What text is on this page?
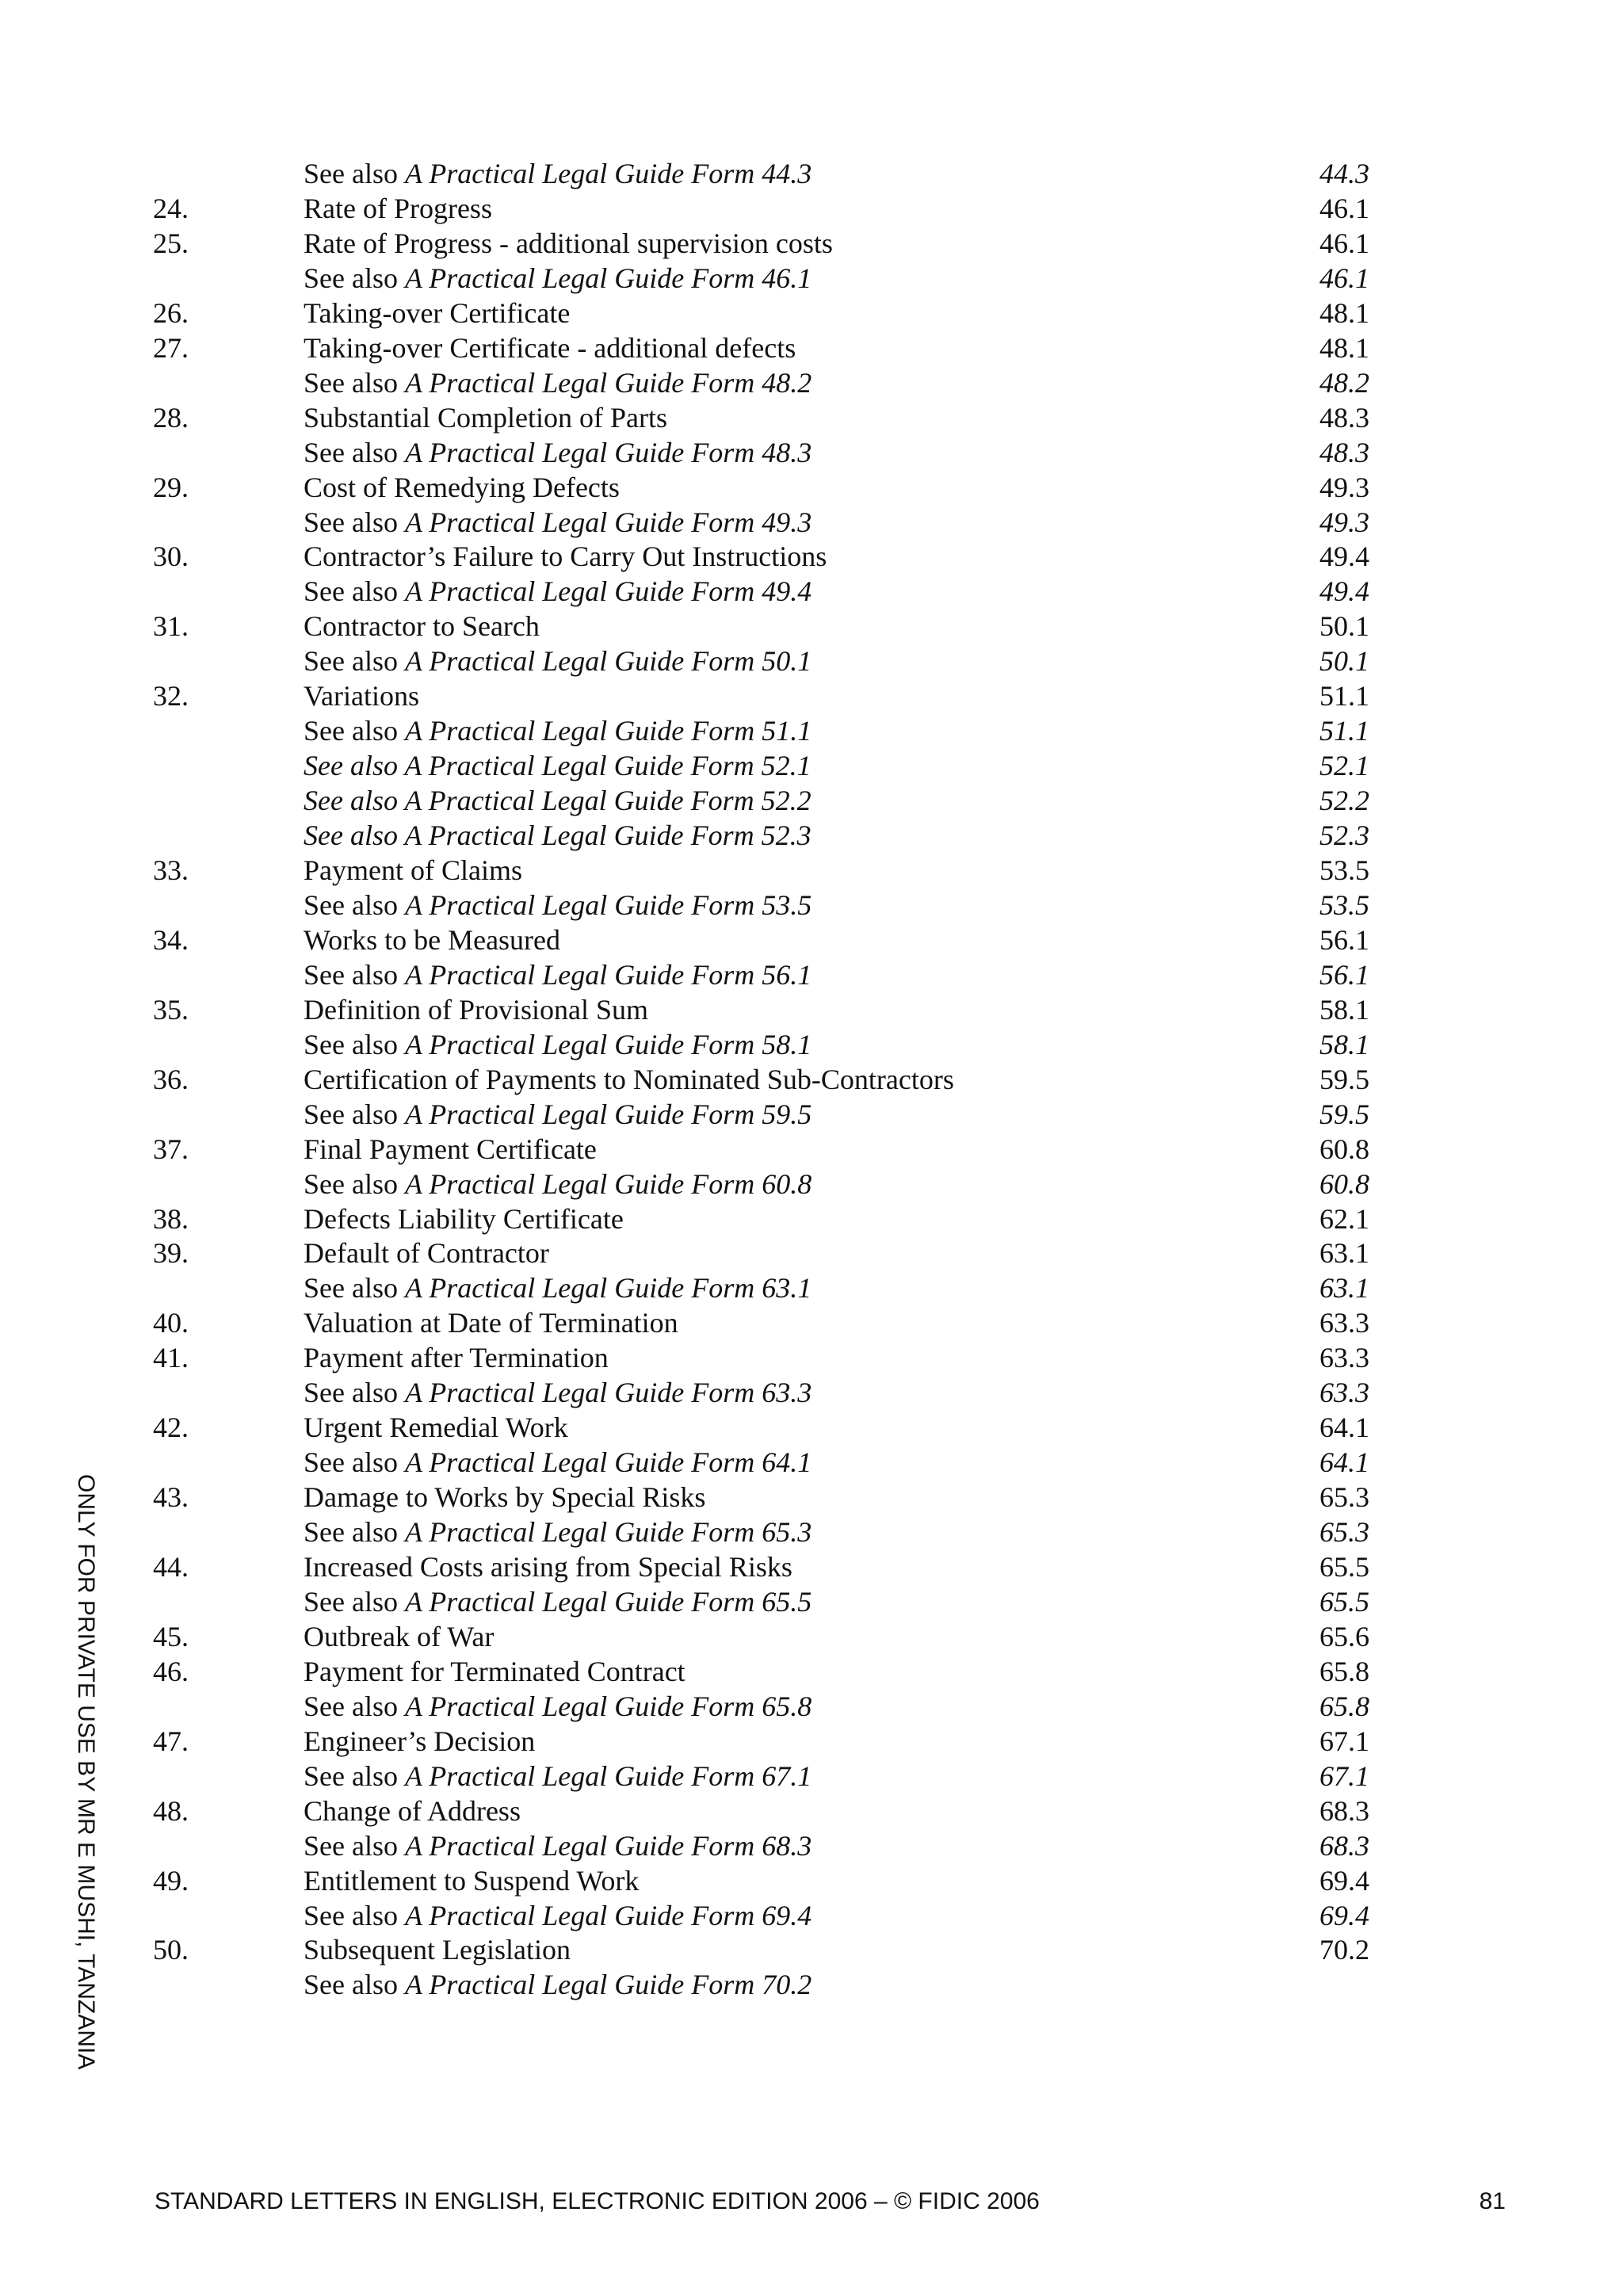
See also A Practical Legal Guide Form 44.3	44.3
24.	Rate of Progress	46.1
25.	Rate of Progress - additional supervision costs	46.1
See also A Practical Legal Guide Form 46.1	46.1
26.	Taking-over Certificate	48.1
27.	Taking-over Certificate - additional defects	48.1
See also A Practical Legal Guide Form 48.2	48.2
28.	Substantial Completion of Parts	48.3
See also A Practical Legal Guide Form 48.3	48.3
29.	Cost of Remedying Defects	49.3
See also A Practical Legal Guide Form 49.3	49.3
30.	Contractor’s Failure to Carry Out Instructions	49.4
See also A Practical Legal Guide Form 49.4	49.4
31.	Contractor to Search	50.1
See also A Practical Legal Guide Form 50.1	50.1
32.	Variations	51.1
See also A Practical Legal Guide Form 51.1	51.1
See also A Practical Legal Guide Form 52.1	52.1
See also A Practical Legal Guide Form 52.2	52.2
See also A Practical Legal Guide Form 52.3	52.3
33.	Payment of Claims	53.5
See also A Practical Legal Guide Form 53.5	53.5
34.	Works to be Measured	56.1
See also A Practical Legal Guide Form 56.1	56.1
35.	Definition of Provisional Sum	58.1
See also A Practical Legal Guide Form 58.1	58.1
36.	Certification of Payments to Nominated Sub-Contractors	59.5
See also A Practical Legal Guide Form 59.5	59.5
37.	Final Payment Certificate	60.8
See also A Practical Legal Guide Form 60.8	60.8
38.	Defects Liability Certificate	62.1
39.	Default of Contractor	63.1
See also A Practical Legal Guide Form 63.1	63.1
40.	Valuation at Date of Termination	63.3
41.	Payment after Termination	63.3
See also A Practical Legal Guide Form 63.3	63.3
42.	Urgent Remedial Work	64.1
See also A Practical Legal Guide Form 64.1	64.1
43.	Damage to Works by Special Risks	65.3
See also A Practical Legal Guide Form 65.3	65.3
44.	Increased Costs arising from Special Risks	65.5
See also A Practical Legal Guide Form 65.5	65.5
45.	Outbreak of War	65.6
46.	Payment for Terminated Contract	65.8
See also A Practical Legal Guide Form 65.8	65.8
47.	Engineer’s Decision	67.1
See also A Practical Legal Guide Form 67.1	67.1
48.	Change of Address	68.3
See also A Practical Legal Guide Form 68.3	68.3
49.	Entitlement to Suspend Work	69.4
See also A Practical Legal Guide Form 69.4	69.4
50.	Subsequent Legislation	70.2
See also A Practical Legal Guide Form 70.2
ONLY FOR PRIVATE USE BY MR E MUSHI, TANZANIA
STANDARD LETTERS IN ENGLISH, ELECTRONIC EDITION 2006 – © FIDIC 2006	81
